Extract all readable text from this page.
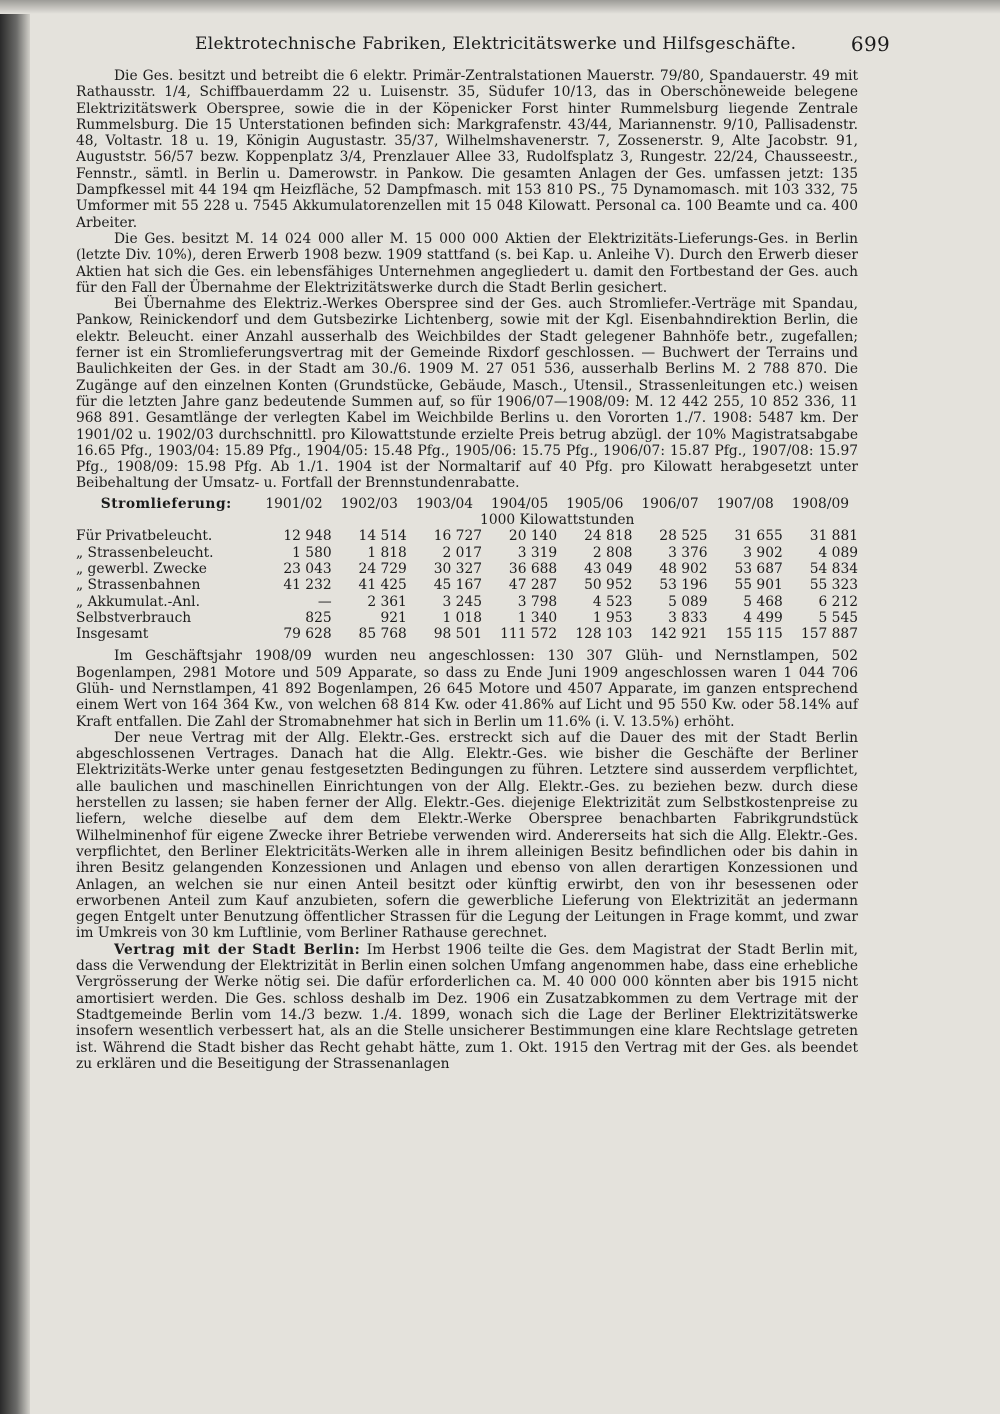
Elektrotechnische Fabriken, Elektricitätswerke und Hilfsgeschäfte.	699

Die Ges. besitzt und betreibt die 6 elektr. Primär-Zentralstationen Mauerstr. 79/80, Spandauerstr. 49 mit Rathausstr. 1/4, Schiffbauerdamm 22 u. Luisenstr. 35, Südufer 10/13, das in Oberschöneweide belegene Elektrizitätswerk Oberspree, sowie die in der Köpenicker Forst hinter Rummelsburg liegende Zentrale Rummelsburg. Die 15 Unterstationen befinden sich: Markgrafenstr. 43/44, Mariannenstr. 9/10, Pallisadenstr. 48, Voltastr. 18 u. 19, Königin Augustastr. 35/37, Wilhelmshavenerstr. 7, Zossenerstr. 9, Alte Jacobstr. 91, Auguststr. 56/57 bezw. Koppenplatz 3/4, Prenzlauer Allee 33, Rudolfsplatz 3, Rungestr. 22/24, Chausseestr., Fennstr., sämtl. in Berlin u. Damerowstr. in Pankow. Die gesamten Anlagen der Ges. umfassen jetzt: 135 Dampfkessel mit 44 194 qm Heizfläche, 52 Dampfmasch. mit 153 810 PS., 75 Dynamomasch. mit 103 332, 75 Umformer mit 55 228 u. 7545 Akkumulatorenzellen mit 15 048 Kilowatt. Personal ca. 100 Beamte und ca. 400 Arbeiter.

Die Ges. besitzt M. 14 024 000 aller M. 15 000 000 Aktien der Elektrizitäts-Lieferungs-Ges. in Berlin (letzte Div. 10%), deren Erwerb 1908 bezw. 1909 stattfand (s. bei Kap. u. Anleihe V). Durch den Erwerb dieser Aktien hat sich die Ges. ein lebensfähiges Unternehmen angegliedert u. damit den Fortbestand der Ges. auch für den Fall der Übernahme der Elektrizitätswerke durch die Stadt Berlin gesichert.

Bei Übernahme des Elektriz.-Werkes Oberspree sind der Ges. auch Stromliefer.-Verträge mit Spandau, Pankow, Reinickendorf und dem Gutsbezirke Lichtenberg, sowie mit der Kgl. Eisenbahndirektion Berlin, die elektr. Beleucht. einer Anzahl ausserhalb des Weichbildes der Stadt gelegener Bahnhöfe betr., zugefallen; ferner ist ein Stromlieferungsvertrag mit der Gemeinde Rixdorf geschlossen. — Buchwert der Terrains und Baulichkeiten der Ges. in der Stadt am 30./6. 1909 M. 27 051 536, ausserhalb Berlins M. 2 788 870. Die Zugänge auf den einzelnen Konten (Grundstücke, Gebäude, Masch., Utensil., Strassenleitungen etc.) weisen für die letzten Jahre ganz bedeutende Summen auf, so für 1906/07—1908/09: M. 12 442 255, 10 852 336, 11 968 891. Gesamtlänge der verlegten Kabel im Weichbilde Berlins u. den Vororten 1./7. 1908: 5487 km. Der 1901/02 u. 1902/03 durchschnittl. pro Kilowattstunde erzielte Preis betrug abzügl. der 10% Magistratsabgabe 16.65 Pfg., 1903/04: 15.89 Pfg., 1904/05: 15.48 Pfg., 1905/06: 15.75 Pfg., 1906/07: 15.87 Pfg., 1907/08: 15.97 Pfg., 1908/09: 15.98 Pfg. Ab 1./1. 1904 ist der Normaltarif auf 40 Pfg. pro Kilowatt herabgesetzt unter Beibehaltung der Umsatz- u. Fortfall der Brennstundenrabatte.

Stromlieferung:	1901/02	1902/03	1903/04	1904/05	1905/06	1906/07	1907/08	1908/09
	1000 Kilowattstunden							
Für Privatbeleucht.	12 948	14 514	16 727	20 140	24 818	28 525	31 655	31 881
„ Strassenbeleucht.	1 580	1 818	2 017	3 319	2 808	3 376	3 902	4 089
„ gewerbl. Zwecke	23 043	24 729	30 327	36 688	43 049	48 902	53 687	54 834
„ Strassenbahnen	41 232	41 425	45 167	47 287	50 952	53 196	55 901	55 323
„ Akkumulat.-Anl.	—	2 361	3 245	3 798	4 523	5 089	5 468	6 212
Selbstverbrauch	825	921	1 018	1 340	1 953	3 833	4 499	5 545
Insgesamt	79 628	85 768	98 501	111 572	128 103	142 921	155 115	157 887

Im Geschäftsjahr 1908/09 wurden neu angeschlossen: 130 307 Glüh- und Nernstlampen, 502 Bogenlampen, 2981 Motore und 509 Apparate, so dass zu Ende Juni 1909 angeschlossen waren 1 044 706 Glüh- und Nernstlampen, 41 892 Bogenlampen, 26 645 Motore und 4507 Apparate, im ganzen entsprechend einem Wert von 164 364 Kw., von welchen 68 814 Kw. oder 41.86% auf Licht und 95 550 Kw. oder 58.14% auf Kraft entfallen. Die Zahl der Stromabnehmer hat sich in Berlin um 11.6% (i. V. 13.5%) erhöht.

Der neue Vertrag mit der Allg. Elektr.-Ges. erstreckt sich auf die Dauer des mit der Stadt Berlin abgeschlossenen Vertrages. Danach hat die Allg. Elektr.-Ges. wie bisher die Geschäfte der Berliner Elektrizitäts-Werke unter genau festgesetzten Bedingungen zu führen. Letztere sind ausserdem verpflichtet, alle baulichen und maschinellen Einrichtungen von der Allg. Elektr.-Ges. zu beziehen bezw. durch diese herstellen zu lassen; sie haben ferner der Allg. Elektr.-Ges. diejenige Elektrizität zum Selbstkostenpreise zu liefern, welche dieselbe auf dem dem Elektr.-Werke Oberspree benachbarten Fabrikgrundstück Wilhelminenhof für eigene Zwecke ihrer Betriebe verwenden wird. Andererseits hat sich die Allg. Elektr.-Ges. verpflichtet, den Berliner Elektricitäts-Werken alle in ihrem alleinigen Besitz befindlichen oder bis dahin in ihren Besitz gelangenden Konzessionen und Anlagen und ebenso von allen derartigen Konzessionen und Anlagen, an welchen sie nur einen Anteil besitzt oder künftig erwirbt, den von ihr besessenen oder erworbenen Anteil zum Kauf anzubieten, sofern die gewerbliche Lieferung von Elektrizität an jedermann gegen Entgelt unter Benutzung öffentlicher Strassen für die Legung der Leitungen in Frage kommt, und zwar im Umkreis von 30 km Luftlinie, vom Berliner Rathause gerechnet.

Vertrag mit der Stadt Berlin: Im Herbst 1906 teilte die Ges. dem Magistrat der Stadt Berlin mit, dass die Verwendung der Elektrizität in Berlin einen solchen Umfang angenommen habe, dass eine erhebliche Vergrösserung der Werke nötig sei. Die dafür erforderlichen ca. M. 40 000 000 könnten aber bis 1915 nicht amortisiert werden. Die Ges. schloss deshalb im Dez. 1906 ein Zusatzabkommen zu dem Vertrage mit der Stadtgemeinde Berlin vom 14./3 bezw. 1./4. 1899, wonach sich die Lage der Berliner Elektrizitätswerke insofern wesentlich verbessert hat, als an die Stelle unsicherer Bestimmungen eine klare Rechtslage getreten ist. Während die Stadt bisher das Recht gehabt hätte, zum 1. Okt. 1915 den Vertrag mit der Ges. als beendet zu erklären und die Beseitigung der Strassenanlagen
